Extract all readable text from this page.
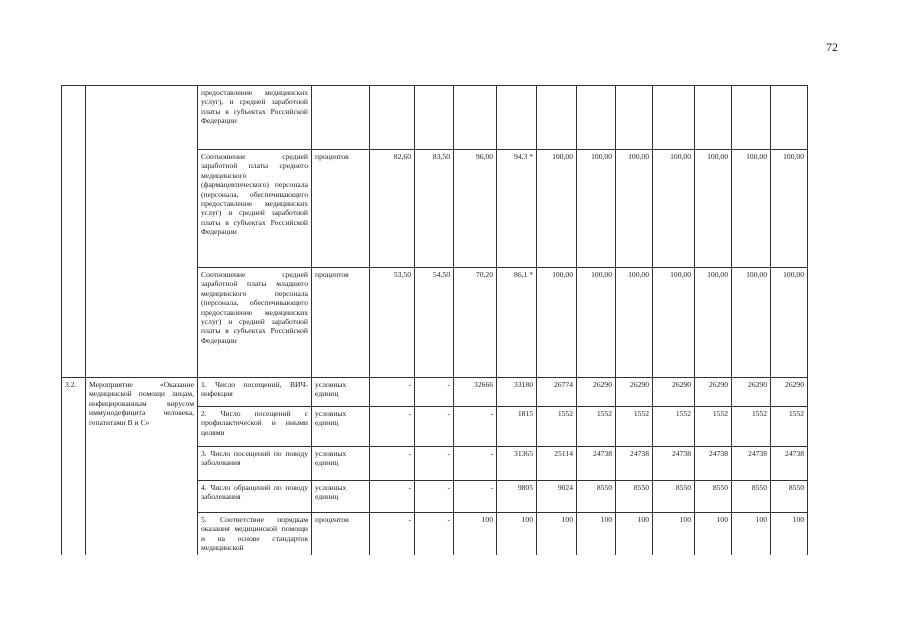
72
		предоставление медицинских услуг), и средней заработной платы в субъектах Российской Федерации												
		Соотношение средней заработной платы среднего медицинского (фармацевтического) персонала (персонала, обеспечивающего предоставление медицинских услуг) и средней заработной платы в субъектах Российской Федерации	процентов	82,60	83,50	96,00	94,3 *	100,00	100,00	100,00	100,00	100,00	100,00	100,00
		Соотношение средней заработной платы младшего медицинского персонала (персонала, обеспечивающего предоставление медицинских услуг) и средней заработной платы в субъектах Российской Федерации	процентов	53,50	54,50	70,20	86,1 *	100,00	100,00	100,00	100,00	100,00	100,00	100,00
3.2.	Мероприятие «Оказание медицинской помощи лицам, инфицированным вирусом иммунодефицита человека, гепатитами B и C»	1. Число посещений, ВИЧ-инфекция	условных единиц	-	-	32666	33180	26774	26290	26290	26290	26290	26290	26290
		2. Число посещений с профилактической и иными целями	условных единиц	-	-	-	1815	1552	1552	1552	1552	1552	1552	1552
		3. Число посещений по поводу заболевания	условных единиц	-	-	-	31365	25114	24738	24738	24738	24738	24738	24738
		4. Число обращений по поводу заболевания	условных единиц	-	-	-	9805	9024	8550	8550	8550	8550	8550	8550
		5. Соответствие порядкам оказания медицинской помощи и на основе стандартов медицинской	процентов	-	-	100	100	100	100	100	100	100	100	100
